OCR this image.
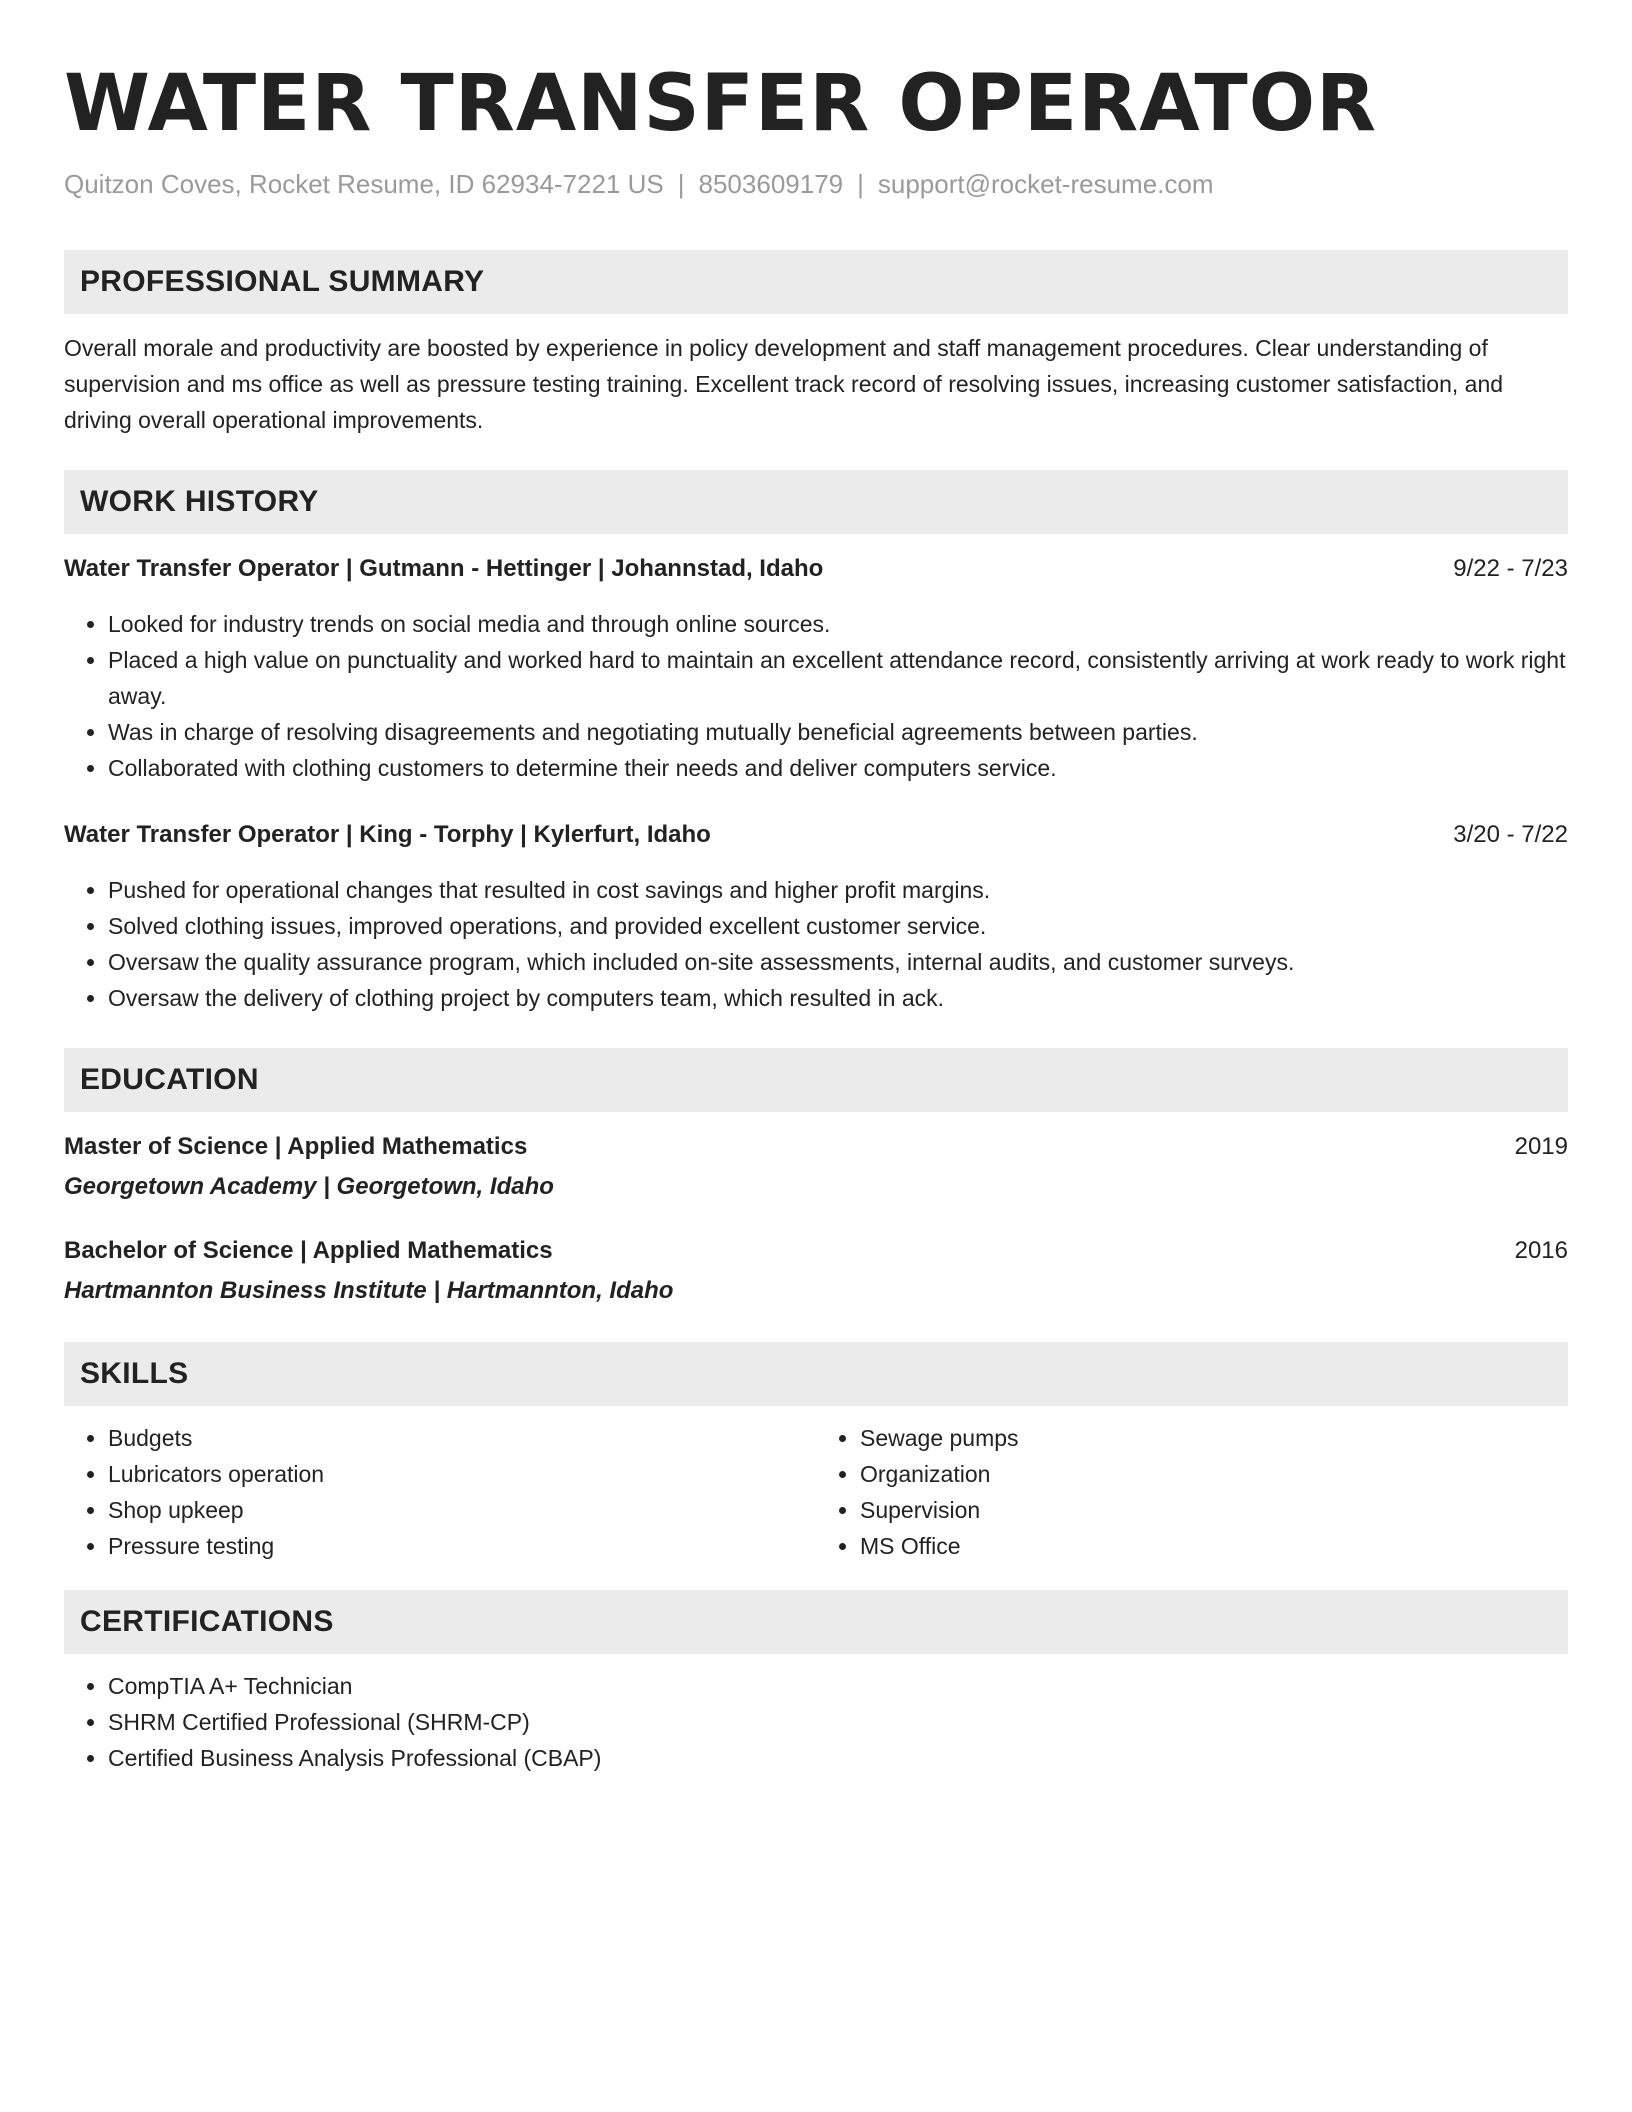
WATER TRANSFER OPERATOR
Quitzon Coves, Rocket Resume, ID 62934-7221 US | 8503609179 | support@rocket-resume.com
PROFESSIONAL SUMMARY
Overall morale and productivity are boosted by experience in policy development and staff management procedures. Clear understanding of supervision and ms office as well as pressure testing training. Excellent track record of resolving issues, increasing customer satisfaction, and driving overall operational improvements.
WORK HISTORY
Water Transfer Operator | Gutmann - Hettinger | Johannstad, Idaho	9/22 - 7/23
• Looked for industry trends on social media and through online sources.
• Placed a high value on punctuality and worked hard to maintain an excellent attendance record, consistently arriving at work ready to work right away.
• Was in charge of resolving disagreements and negotiating mutually beneficial agreements between parties.
• Collaborated with clothing customers to determine their needs and deliver computers service.
Water Transfer Operator | King - Torphy | Kylerfurt, Idaho	3/20 - 7/22
• Pushed for operational changes that resulted in cost savings and higher profit margins.
• Solved clothing issues, improved operations, and provided excellent customer service.
• Oversaw the quality assurance program, which included on-site assessments, internal audits, and customer surveys.
• Oversaw the delivery of clothing project by computers team, which resulted in ack.
EDUCATION
Master of Science | Applied Mathematics	2019
Georgetown Academy | Georgetown, Idaho
Bachelor of Science | Applied Mathematics	2016
Hartmannton Business Institute | Hartmannton, Idaho
SKILLS
• Budgets
• Lubricators operation
• Shop upkeep
• Pressure testing
• Sewage pumps
• Organization
• Supervision
• MS Office
CERTIFICATIONS
• CompTIA A+ Technician
• SHRM Certified Professional (SHRM-CP)
• Certified Business Analysis Professional (CBAP)
